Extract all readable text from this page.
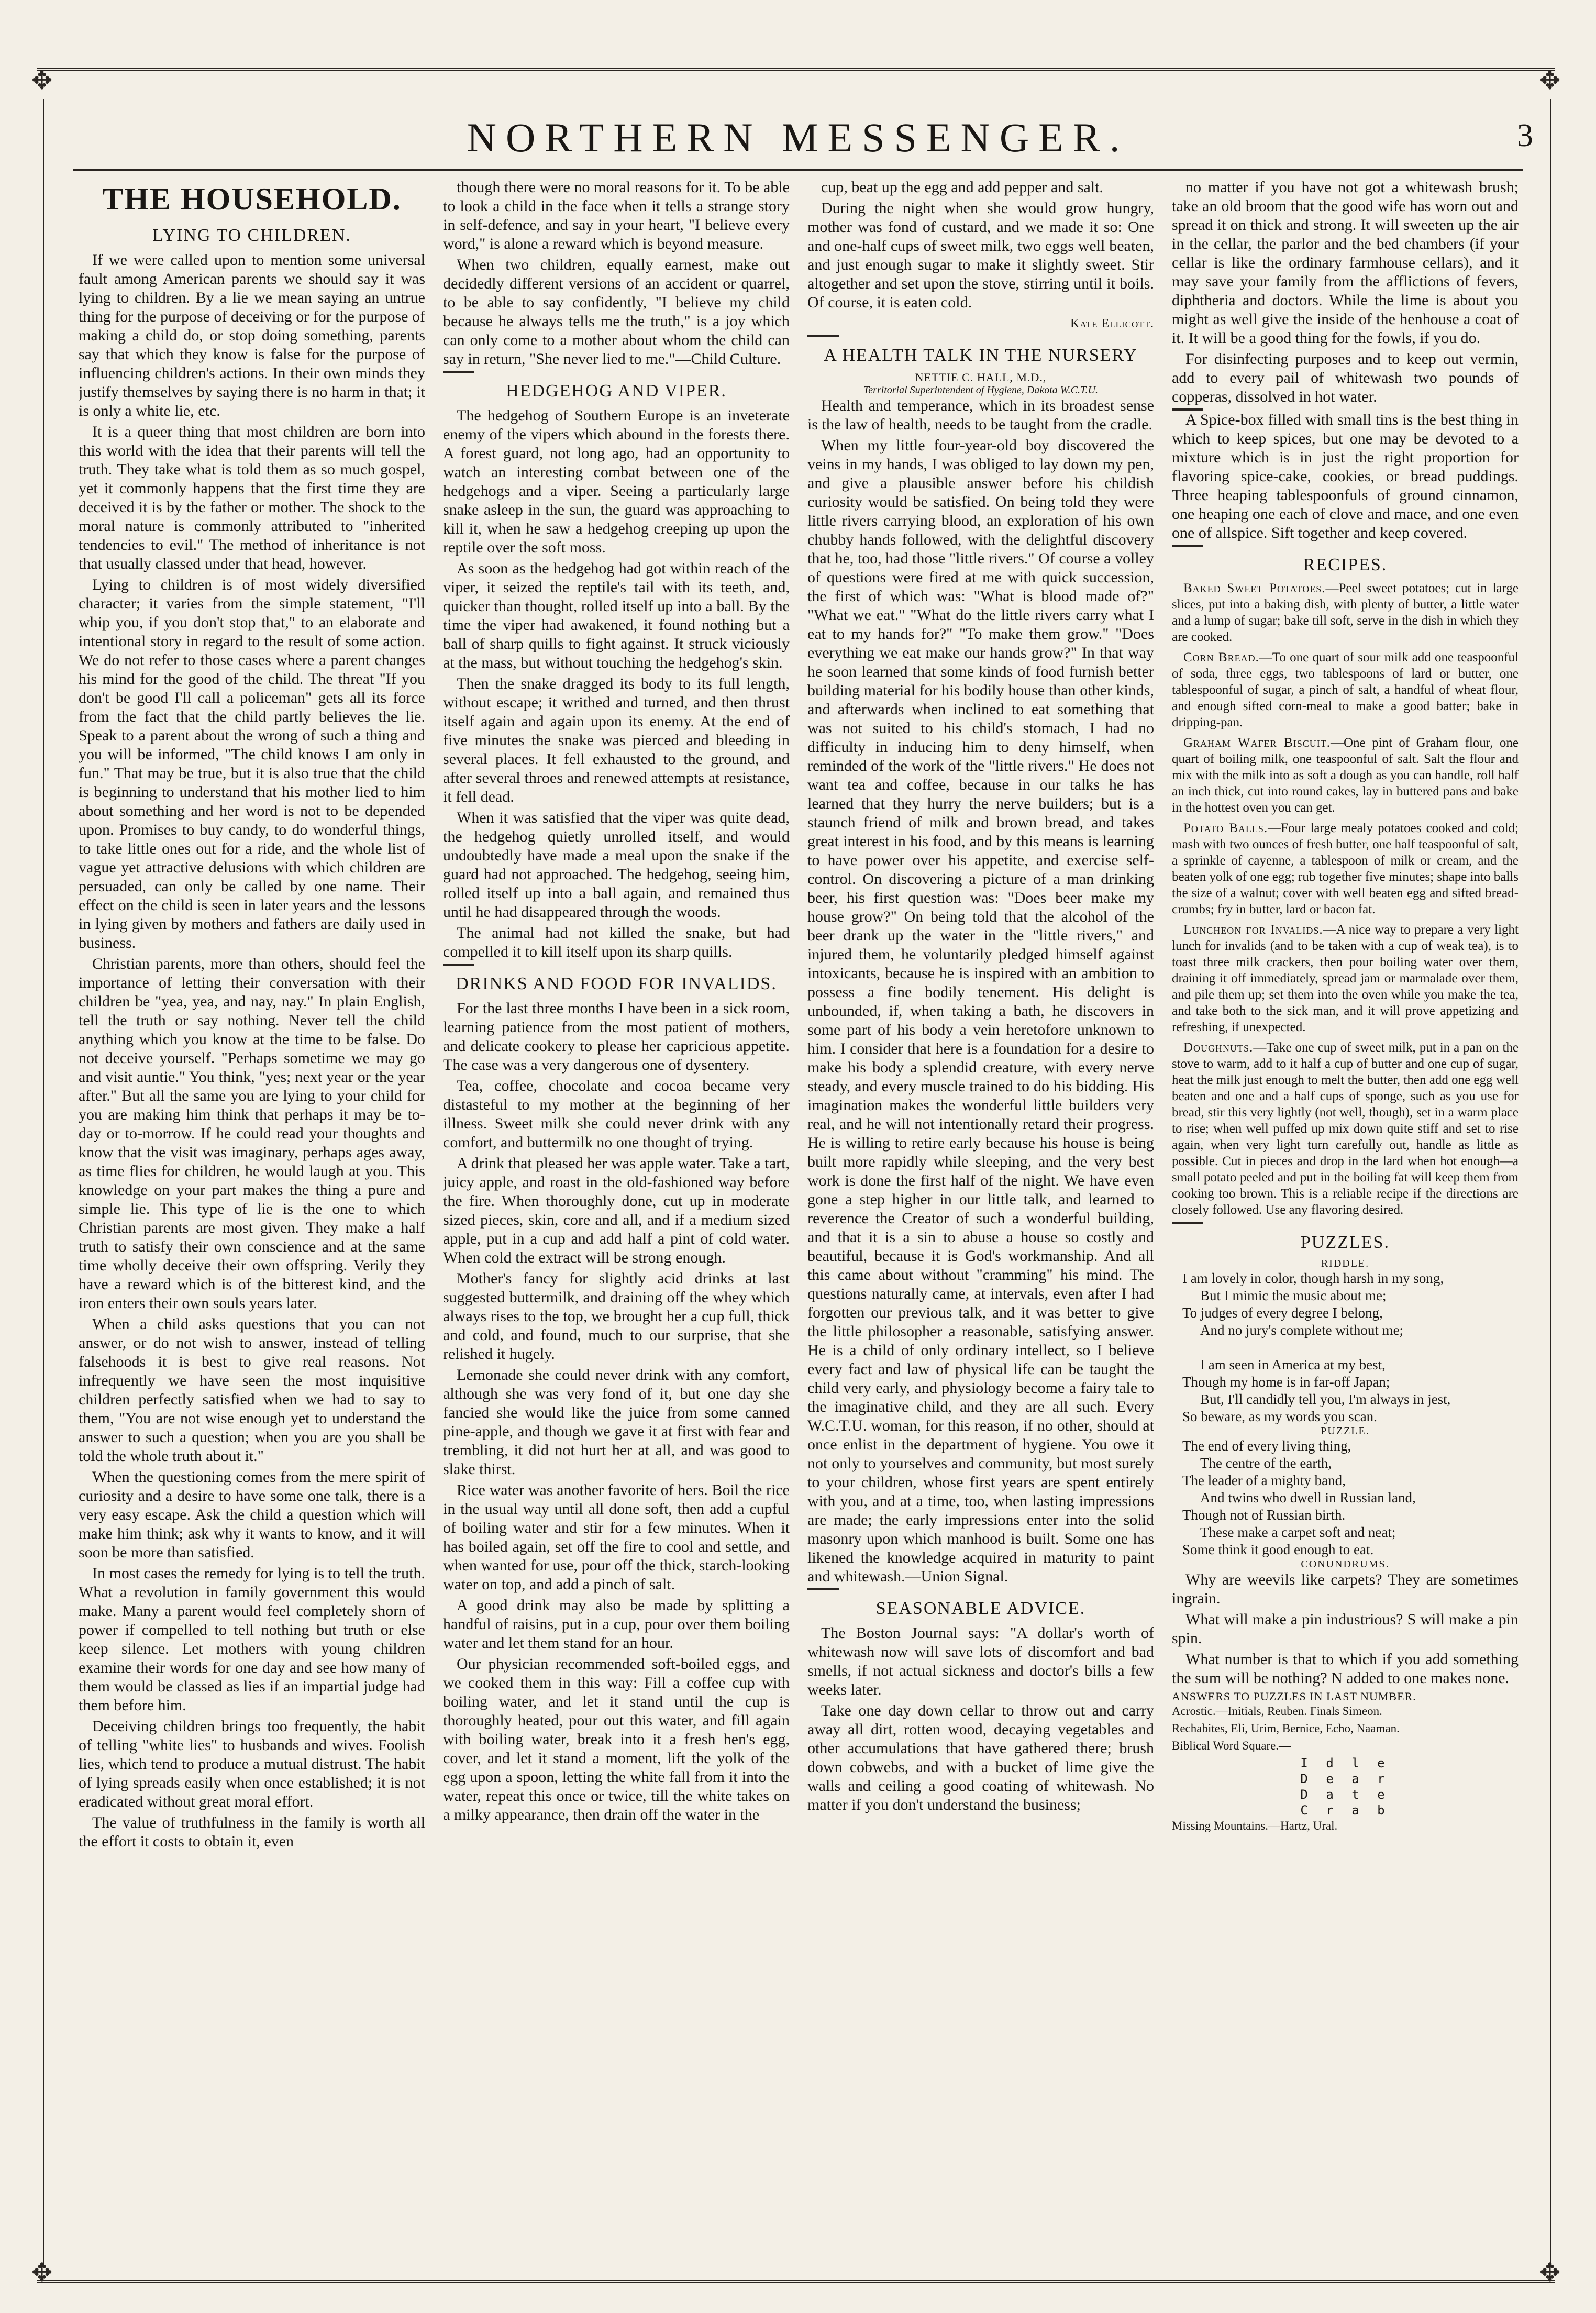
✥	✥
✥	✥
NORTHERN MESSENGER.	3
THE HOUSEHOLD.
LYING TO CHILDREN.

If we were called upon to mention some universal fault among American parents we should say it was lying to children. By a lie we mean saying an untrue thing for the purpose of deceiving or for the purpose of making a child do, or stop doing something, parents say that which they know is false for the purpose of influencing children's actions. In their own minds they justify themselves by saying there is no harm in that; it is only a white lie, etc.

It is a queer thing that most children are born into this world with the idea that their parents will tell the truth. They take what is told them as so much gospel, yet it commonly happens that the first time they are deceived it is by the father or mother. The shock to the moral nature is commonly attributed to "inherited tendencies to evil." The method of inheritance is not that usually classed under that head, however.

Lying to children is of most widely diversified character; it varies from the simple statement, "I'll whip you, if you don't stop that," to an elaborate and intentional story in regard to the result of some action. We do not refer to those cases where a parent changes his mind for the good of the child. The threat "If you don't be good I'll call a policeman" gets all its force from the fact that the child partly believes the lie. Speak to a parent about the wrong of such a thing and you will be informed, "The child knows I am only in fun." That may be true, but it is also true that the child is beginning to understand that his mother lied to him about something and her word is not to be depended upon. Promises to buy candy, to do wonderful things, to take little ones out for a ride, and the whole list of vague yet attractive delusions with which children are persuaded, can only be called by one name. Their effect on the child is seen in later years and the lessons in lying given by mothers and fathers are daily used in business.

Christian parents, more than others, should feel the importance of letting their conversation with their children be "yea, yea, and nay, nay." In plain English, tell the truth or say nothing. Never tell the child anything which you know at the time to be false. Do not deceive yourself. "Perhaps sometime we may go and visit auntie." You think, "yes; next year or the year after." But all the same you are lying to your child for you are making him think that perhaps it may be to-day or to-morrow. If he could read your thoughts and know that the visit was imaginary, perhaps ages away, as time flies for children, he would laugh at you. This knowledge on your part makes the thing a pure and simple lie. This type of lie is the one to which Christian parents are most given. They make a half truth to satisfy their own conscience and at the same time wholly deceive their own offspring. Verily they have a reward which is of the bitterest kind, and the iron enters their own souls years later.

When a child asks questions that you can not answer, or do not wish to answer, instead of telling falsehoods it is best to give real reasons. Not infrequently we have seen the most inquisitive children perfectly satisfied when we had to say to them, "You are not wise enough yet to understand the answer to such a question; when you are you shall be told the whole truth about it."

When the questioning comes from the mere spirit of curiosity and a desire to have some one talk, there is a very easy escape. Ask the child a question which will make him think; ask why it wants to know, and it will soon be more than satisfied.

In most cases the remedy for lying is to tell the truth. What a revolution in family government this would make. Many a parent would feel completely shorn of power if compelled to tell nothing but truth or else keep silence. Let mothers with young children examine their words for one day and see how many of them would be classed as lies if an impartial judge had them before him.

Deceiving children brings too frequently, the habit of telling "white lies" to husbands and wives. Foolish lies, which tend to produce a mutual distrust. The habit of lying spreads easily when once established; it is not eradicated without great moral effort.

The value of truthfulness in the family is worth all the effort it costs to obtain it, even

though there were no moral reasons for it. To be able to look a child in the face when it tells a strange story in self-defence, and say in your heart, "I believe every word," is alone a reward which is beyond measure.

When two children, equally earnest, make out decidedly different versions of an accident or quarrel, to be able to say confidently, "I believe my child because he always tells me the truth," is a joy which can only come to a mother about whom the child can say in return, "She never lied to me."—Child Culture.

HEDGEHOG AND VIPER.

The hedgehog of Southern Europe is an inveterate enemy of the vipers which abound in the forests there. A forest guard, not long ago, had an opportunity to watch an interesting combat between one of the hedgehogs and a viper. Seeing a particularly large snake asleep in the sun, the guard was approaching to kill it, when he saw a hedgehog creeping up upon the reptile over the soft moss.

As soon as the hedgehog had got within reach of the viper, it seized the reptile's tail with its teeth, and, quicker than thought, rolled itself up into a ball. By the time the viper had awakened, it found nothing but a ball of sharp quills to fight against. It struck viciously at the mass, but without touching the hedgehog's skin.

Then the snake dragged its body to its full length, without escape; it writhed and turned, and then thrust itself again and again upon its enemy. At the end of five minutes the snake was pierced and bleeding in several places. It fell exhausted to the ground, and after several throes and renewed attempts at resistance, it fell dead.

When it was satisfied that the viper was quite dead, the hedgehog quietly unrolled itself, and would undoubtedly have made a meal upon the snake if the guard had not approached. The hedgehog, seeing him, rolled itself up into a ball again, and remained thus until he had disappeared through the woods.

The animal had not killed the snake, but had compelled it to kill itself upon its sharp quills.

DRINKS AND FOOD FOR INVALIDS.

For the last three months I have been in a sick room, learning patience from the most patient of mothers, and delicate cookery to please her capricious appetite. The case was a very dangerous one of dysentery.

Tea, coffee, chocolate and cocoa became very distasteful to my mother at the beginning of her illness. Sweet milk she could never drink with any comfort, and buttermilk no one thought of trying.

A drink that pleased her was apple water. Take a tart, juicy apple, and roast in the old-fashioned way before the fire. When thoroughly done, cut up in moderate sized pieces, skin, core and all, and if a medium sized apple, put in a cup and add half a pint of cold water. When cold the extract will be strong enough.

Mother's fancy for slightly acid drinks at last suggested buttermilk, and draining off the whey which always rises to the top, we brought her a cup full, thick and cold, and found, much to our surprise, that she relished it hugely.

Lemonade she could never drink with any comfort, although she was very fond of it, but one day she fancied she would like the juice from some canned pine-apple, and though we gave it at first with fear and trembling, it did not hurt her at all, and was good to slake thirst.

Rice water was another favorite of hers. Boil the rice in the usual way until all done soft, then add a cupful of boiling water and stir for a few minutes. When it has boiled again, set off the fire to cool and settle, and when wanted for use, pour off the thick, starch-looking water on top, and add a pinch of salt.

A good drink may also be made by splitting a handful of raisins, put in a cup, pour over them boiling water and let them stand for an hour.

Our physician recommended soft-boiled eggs, and we cooked them in this way: Fill a coffee cup with boiling water, and let it stand until the cup is thoroughly heated, pour out this water, and fill again with boiling water, break into it a fresh hen's egg, cover, and let it stand a moment, lift the yolk of the egg upon a spoon, letting the white fall from it into the water, repeat this once or twice, till the white takes on a milky appearance, then drain off the water in the

cup, beat up the egg and add pepper and salt.

During the night when she would grow hungry, mother was fond of custard, and we made it so: One and one-half cups of sweet milk, two eggs well beaten, and just enough sugar to make it slightly sweet. Stir altogether and set upon the stove, stirring until it boils. Of course, it is eaten cold.

Kate Ellicott.

A HEALTH TALK IN THE NURSERY
NETTIE C. HALL, M.D.,
Territorial Superintendent of Hygiene, Dakota W.C.T.U.

Health and temperance, which in its broadest sense is the law of health, needs to be taught from the cradle.

When my little four-year-old boy discovered the veins in my hands, I was obliged to lay down my pen, and give a plausible answer before his childish curiosity would be satisfied. On being told they were little rivers carrying blood, an exploration of his own chubby hands followed, with the delightful discovery that he, too, had those "little rivers." Of course a volley of questions were fired at me with quick succession, the first of which was: "What is blood made of?" "What we eat." "What do the little rivers carry what I eat to my hands for?" "To make them grow." "Does everything we eat make our hands grow?" In that way he soon learned that some kinds of food furnish better building material for his bodily house than other kinds, and afterwards when inclined to eat something that was not suited to his child's stomach, I had no difficulty in inducing him to deny himself, when reminded of the work of the "little rivers." He does not want tea and coffee, because in our talks he has learned that they hurry the nerve builders; but is a staunch friend of milk and brown bread, and takes great interest in his food, and by this means is learning to have power over his appetite, and exercise self-control. On discovering a picture of a man drinking beer, his first question was: "Does beer make my house grow?" On being told that the alcohol of the beer drank up the water in the "little rivers," and injured them, he voluntarily pledged himself against intoxicants, because he is inspired with an ambition to possess a fine bodily tenement. His delight is unbounded, if, when taking a bath, he discovers in some part of his body a vein heretofore unknown to him. I consider that here is a foundation for a desire to make his body a splendid creature, with every nerve steady, and every muscle trained to do his bidding. His imagination makes the wonderful little builders very real, and he will not intentionally retard their progress. He is willing to retire early because his house is being built more rapidly while sleeping, and the very best work is done the first half of the night. We have even gone a step higher in our little talk, and learned to reverence the Creator of such a wonderful building, and that it is a sin to abuse a house so costly and beautiful, because it is God's workmanship. And all this came about without "cramming" his mind. The questions naturally came, at intervals, even after I had forgotten our previous talk, and it was better to give the little philosopher a reasonable, satisfying answer. He is a child of only ordinary intellect, so I believe every fact and law of physical life can be taught the child very early, and physiology become a fairy tale to the imaginative child, and they are all such. Every W.C.T.U. woman, for this reason, if no other, should at once enlist in the department of hygiene. You owe it not only to yourselves and community, but most surely to your children, whose first years are spent entirely with you, and at a time, too, when lasting impressions are made; the early impressions enter into the solid masonry upon which manhood is built. Some one has likened the knowledge acquired in maturity to paint and whitewash.—Union Signal.

SEASONABLE ADVICE.

The Boston Journal says: "A dollar's worth of whitewash now will save lots of discomfort and bad smells, if not actual sickness and doctor's bills a few weeks later.

Take one day down cellar to throw out and carry away all dirt, rotten wood, decaying vegetables and other accumulations that have gathered there; brush down cobwebs, and with a bucket of lime give the walls and ceiling a good coating of whitewash. No matter if you don't understand the business;

no matter if you have not got a whitewash brush; take an old broom that the good wife has worn out and spread it on thick and strong. It will sweeten up the air in the cellar, the parlor and the bed chambers (if your cellar is like the ordinary farmhouse cellars), and it may save your family from the afflictions of fevers, diphtheria and doctors. While the lime is about you might as well give the inside of the henhouse a coat of it. It will be a good thing for the fowls, if you do.

For disinfecting purposes and to keep out vermin, add to every pail of whitewash two pounds of copperas, dissolved in hot water.

A Spice-box filled with small tins is the best thing in which to keep spices, but one may be devoted to a mixture which is in just the right proportion for flavoring spice-cake, cookies, or bread puddings. Three heaping tablespoonfuls of ground cinnamon, one heaping one each of clove and mace, and one even one of allspice. Sift together and keep covered.

RECIPES.

Baked Sweet Potatoes.—Peel sweet potatoes; cut in large slices, put into a baking dish, with plenty of butter, a little water and a lump of sugar; bake till soft, serve in the dish in which they are cooked.

Corn Bread.—To one quart of sour milk add one teaspoonful of soda, three eggs, two tablespoons of lard or butter, one tablespoonful of sugar, a pinch of salt, a handful of wheat flour, and enough sifted corn-meal to make a good batter; bake in dripping-pan.

Graham Wafer Biscuit.—One pint of Graham flour, one quart of boiling milk, one teaspoonful of salt. Salt the flour and mix with the milk into as soft a dough as you can handle, roll half an inch thick, cut into round cakes, lay in buttered pans and bake in the hottest oven you can get.

Potato Balls.—Four large mealy potatoes cooked and cold; mash with two ounces of fresh butter, one half teaspoonful of salt, a sprinkle of cayenne, a tablespoon of milk or cream, and the beaten yolk of one egg; rub together five minutes; shape into balls the size of a walnut; cover with well beaten egg and sifted bread-crumbs; fry in butter, lard or bacon fat.

Luncheon for Invalids.—A nice way to prepare a very light lunch for invalids (and to be taken with a cup of weak tea), is to toast three milk crackers, then pour boiling water over them, draining it off immediately, spread jam or marmalade over them, and pile them up; set them into the oven while you make the tea, and take both to the sick man, and it will prove appetizing and refreshing, if unexpected.

Doughnuts.—Take one cup of sweet milk, put in a pan on the stove to warm, add to it half a cup of butter and one cup of sugar, heat the milk just enough to melt the butter, then add one egg well beaten and one and a half cups of sponge, such as you use for bread, stir this very lightly (not well, though), set in a warm place to rise; when well puffed up mix down quite stiff and set to rise again, when very light turn carefully out, handle as little as possible. Cut in pieces and drop in the lard when hot enough—a small potato peeled and put in the boiling fat will keep them from cooking too brown. This is a reliable recipe if the directions are closely followed. Use any flavoring desired.

PUZZLES.
RIDDLE.
I am lovely in color, though harsh in my song,
But I mimic the music about me;
To judges of every degree I belong,
And no jury's complete without me;

I am seen in America at my best,
Though my home is in far-off Japan;
But, I'll candidly tell you, I'm always in jest,
So beware, as my words you scan.
PUZZLE.
The end of every living thing,
The centre of the earth,
The leader of a mighty band,
And twins who dwell in Russian land,
Though not of Russian birth.
These make a carpet soft and neat;
Some think it good enough to eat.
CONUNDRUMS.

Why are weevils like carpets? They are sometimes ingrain.

What will make a pin industrious? S will make a pin spin.

What number is that to which if you add something the sum will be nothing? N added to one makes none.

ANSWERS TO PUZZLES IN LAST NUMBER.

Acrostic.—Initials, Reuben. Finals Simeon.

Rechabites, Eli, Urim, Bernice, Echo, Naaman.

Biblical Word Square.—

I d l e
D e a r
D a t e
C r a b

Missing Mountains.—Hartz, Ural.
